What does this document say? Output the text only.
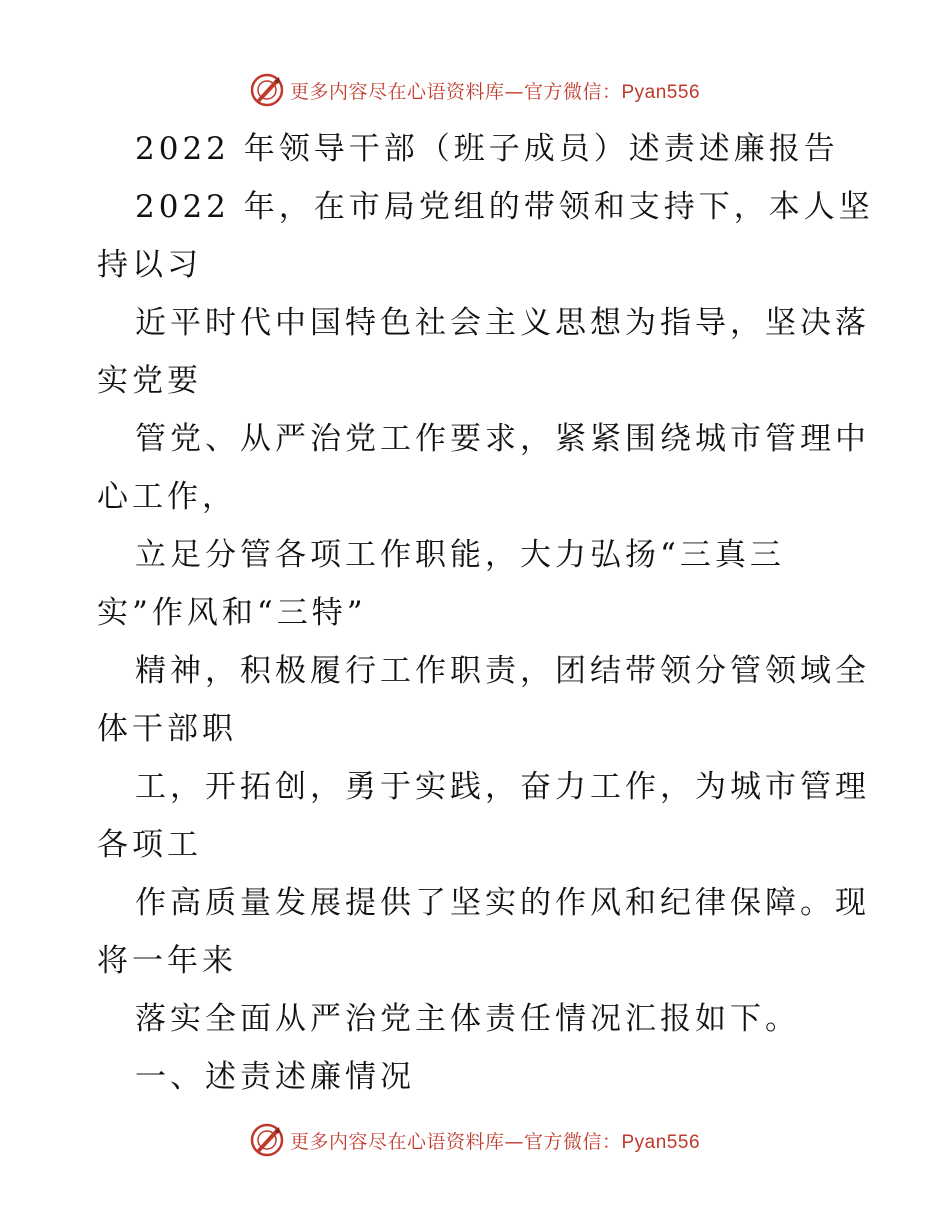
更多内容尽在心语资料库—官方微信：Pyan556
2022 年领导干部（班子成员）述责述廉报告
2022 年，在市局党组的带领和支持下，本人坚
持以习
近平时代中国特色社会主义思想为指导，坚决落
实党要
管党、从严治党工作要求，紧紧围绕城市管理中
心工作，
立足分管各项工作职能，大力弘扬“三真三
实”作风和“三特”
精神，积极履行工作职责，团结带领分管领域全
体干部职
工，开拓创，勇于实践，奋力工作，为城市管理
各项工
作高质量发展提供了坚实的作风和纪律保障。现
将一年来
落实全面从严治党主体责任情况汇报如下。
一、述责述廉情况
更多内容尽在心语资料库—官方微信：Pyan556
